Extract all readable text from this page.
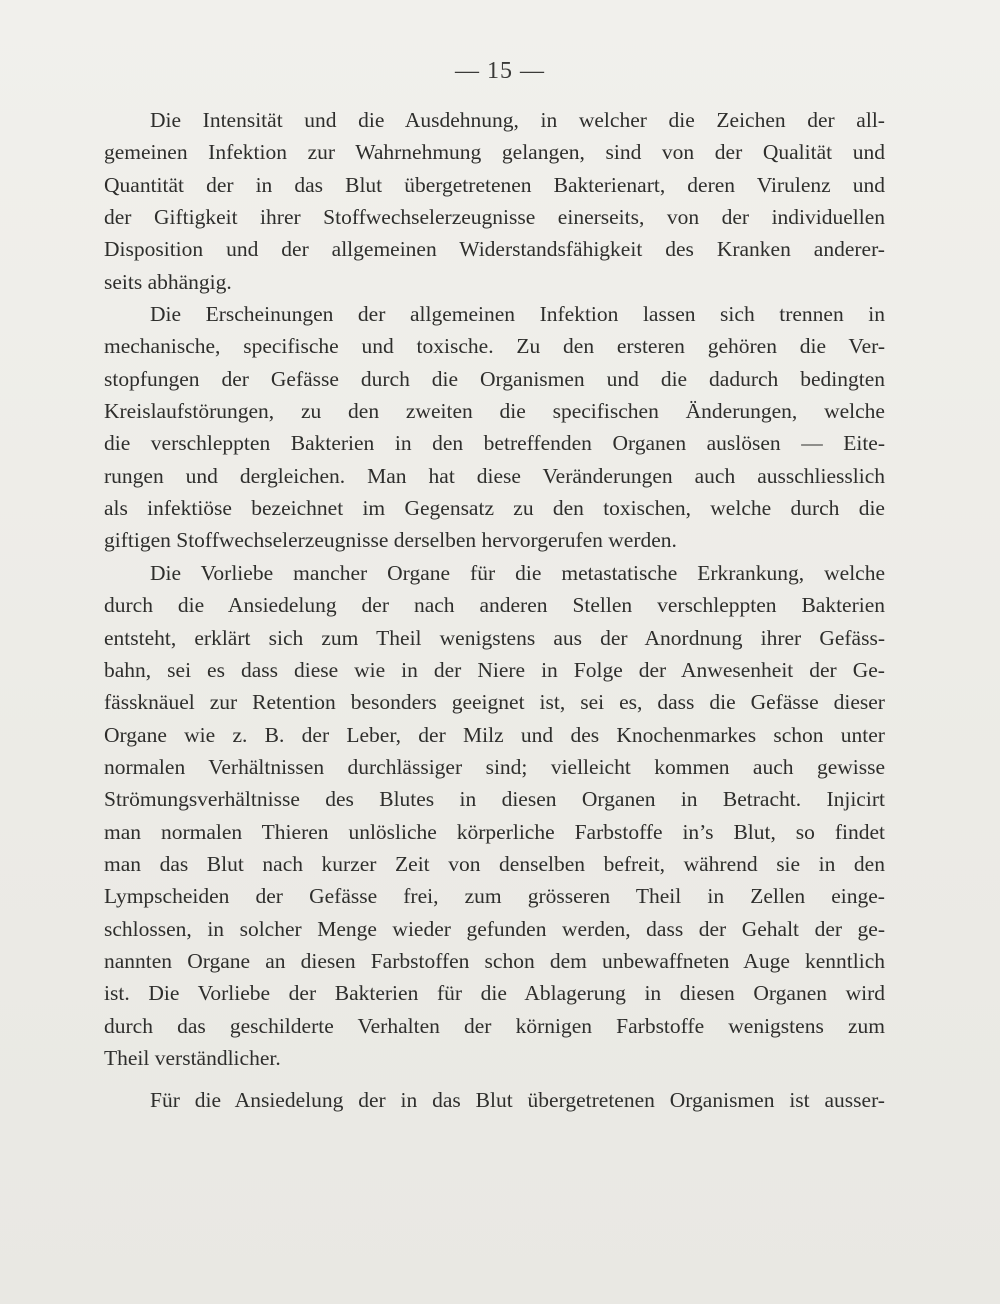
— 15 —
Die Intensität und die Ausdehnung, in welcher die Zeichen der all-
gemeinen Infektion zur Wahrnehmung gelangen, sind von der Qualität und
Quantität der in das Blut übergetretenen Bakterienart, deren Virulenz und
der Giftigkeit ihrer Stoffwechselerzeugnisse einerseits, von der individuellen
Disposition und der allgemeinen Widerstandsfähigkeit des Kranken anderer-
seits abhängig.
Die Erscheinungen der allgemeinen Infektion lassen sich trennen in
mechanische, specifische und toxische. Zu den ersteren gehören die Ver-
stopfungen der Gefässe durch die Organismen und die dadurch bedingten
Kreislaufstörungen, zu den zweiten die specifischen Änderungen, welche
die verschleppten Bakterien in den betreffenden Organen auslösen — Eite-
rungen und dergleichen. Man hat diese Veränderungen auch ausschliesslich
als infektiöse bezeichnet im Gegensatz zu den toxischen, welche durch die
giftigen Stoffwechselerzeugnisse derselben hervorgerufen werden.
Die Vorliebe mancher Organe für die metastatische Erkrankung, welche
durch die Ansiedelung der nach anderen Stellen verschleppten Bakterien
entsteht, erklärt sich zum Theil wenigstens aus der Anordnung ihrer Gefäss-
bahn, sei es dass diese wie in der Niere in Folge der Anwesenheit der Ge-
fässknäuel zur Retention besonders geeignet ist, sei es, dass die Gefässe dieser
Organe wie z. B. der Leber, der Milz und des Knochenmarkes schon unter
normalen Verhältnissen durchlässiger sind; vielleicht kommen auch gewisse
Strömungsverhältnisse des Blutes in diesen Organen in Betracht. Injicirt
man normalen Thieren unlösliche körperliche Farbstoffe in’s Blut, so findet
man das Blut nach kurzer Zeit von denselben befreit, während sie in den
Lympscheiden der Gefässe frei, zum grösseren Theil in Zellen einge-
schlossen, in solcher Menge wieder gefunden werden, dass der Gehalt der ge-
nannten Organe an diesen Farbstoffen schon dem unbewaffneten Auge kenntlich
ist. Die Vorliebe der Bakterien für die Ablagerung in diesen Organen wird
durch das geschilderte Verhalten der körnigen Farbstoffe wenigstens zum
Theil verständlicher.
Für die Ansiedelung der in das Blut übergetretenen Organismen ist ausser-
